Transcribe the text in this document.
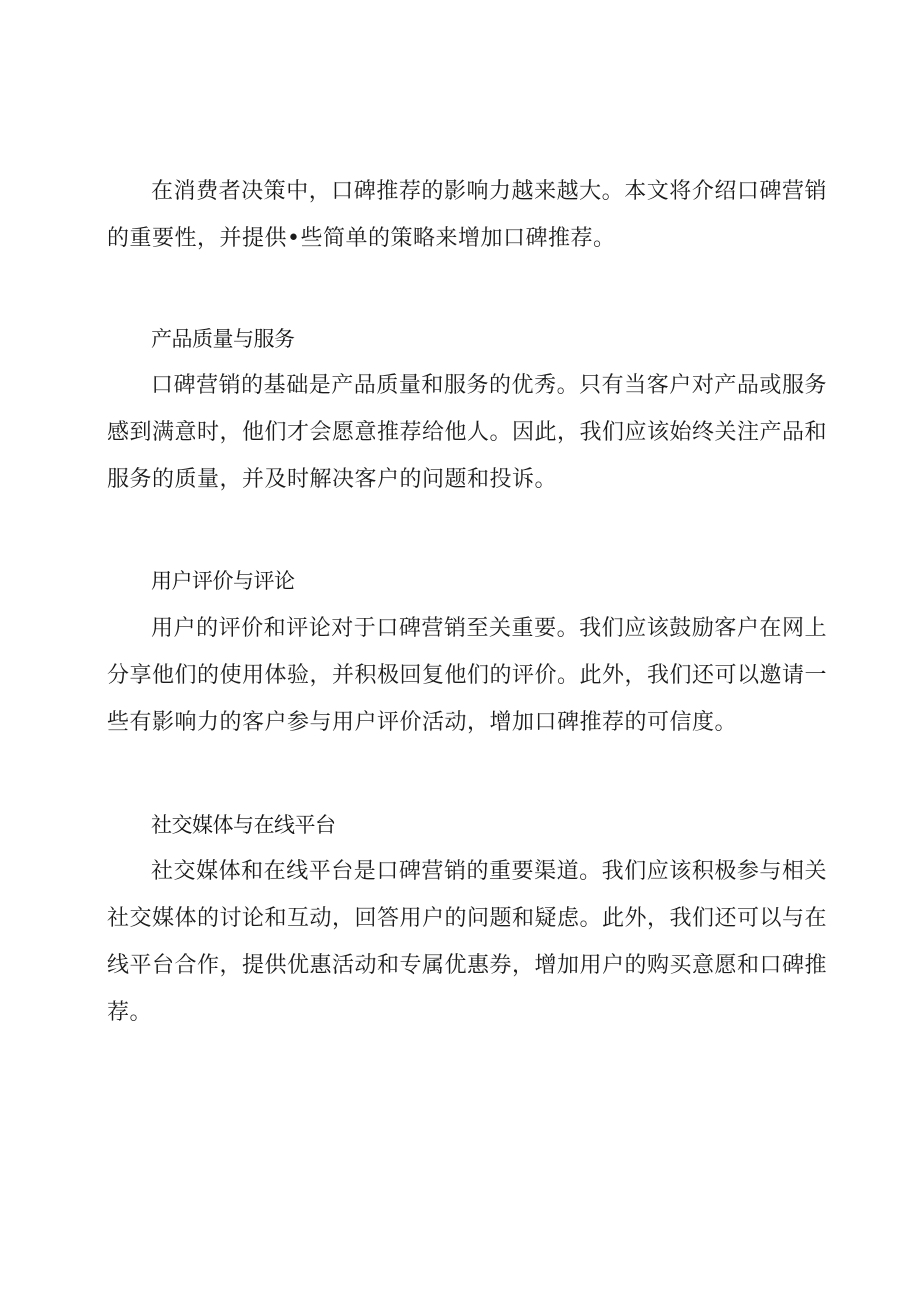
在消费者决策中，口碑推荐的影响力越来越大。本文将介绍口碑营销的重要性，并提供•些简单的策略来增加口碑推荐。

产品质量与服务

口碑营销的基础是产品质量和服务的优秀。只有当客户对产品或服务感到满意时，他们才会愿意推荐给他人。因此，我们应该始终关注产品和服务的质量，并及时解决客户的问题和投诉。

用户评价与评论

用户的评价和评论对于口碑营销至关重要。我们应该鼓励客户在网上分享他们的使用体验，并积极回复他们的评价。此外，我们还可以邀请一些有影响力的客户参与用户评价活动，增加口碑推荐的可信度。

社交媒体与在线平台

社交媒体和在线平台是口碑营销的重要渠道。我们应该积极参与相关社交媒体的讨论和互动，回答用户的问题和疑虑。此外，我们还可以与在线平台合作，提供优惠活动和专属优惠券，增加用户的购买意愿和口碑推荐。
